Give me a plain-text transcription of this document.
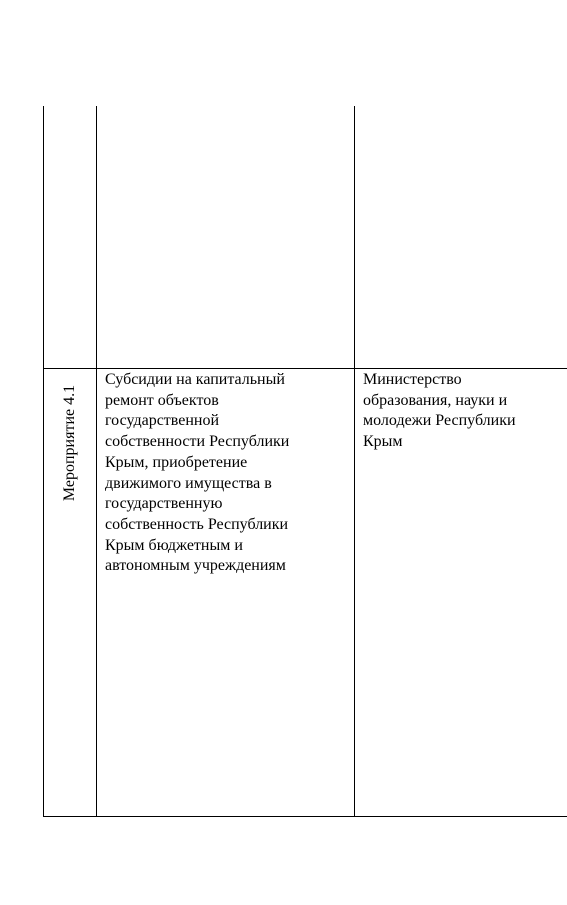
Мероприятие 4.1
Субсидии на капитальный
ремонт объектов
государственной
собственности Республики
Крым, приобретение
движимого имущества в
государственную
собственность Республики
Крым бюджетным и
автономным учреждениям
Министерство
образования, науки и
молодежи Республики
Крым
